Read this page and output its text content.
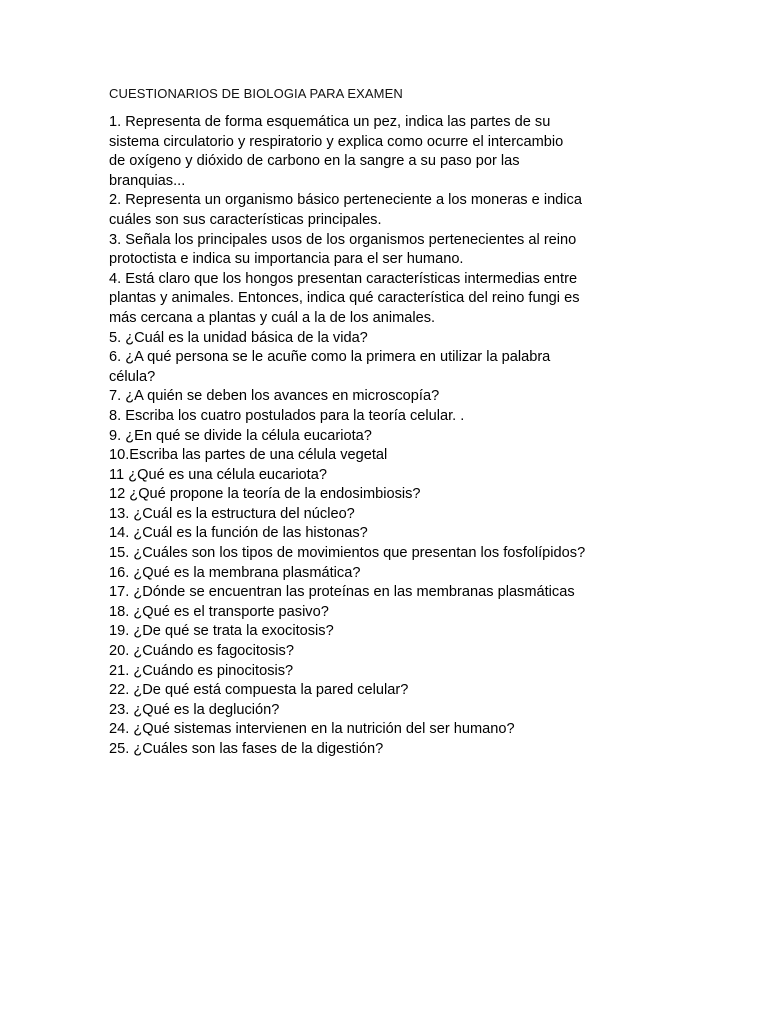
CUESTIONARIOS DE BIOLOGIA PARA EXAMEN
1. Representa de forma esquemática un pez, indica las partes de su
sistema circulatorio y respiratorio y explica como ocurre el intercambio
de oxígeno y dióxido de carbono en la sangre a su paso por las
branquias...
2. Representa un organismo básico perteneciente a los moneras e indica
cuáles son sus características principales.
3. Señala los principales usos de los organismos pertenecientes al reino
protoctista e indica su importancia para el ser humano.
4. Está claro que los hongos presentan características intermedias entre
plantas y animales. Entonces, indica qué característica del reino fungi es
más cercana a plantas y cuál a la de los animales.
5. ¿Cuál es la unidad básica de la vida?
6. ¿A qué persona se le acuñe como la primera en utilizar la palabra
célula?
7. ¿A quién se deben los avances en microscopía?
8. Escriba los cuatro postulados para la teoría celular. .
9. ¿En qué se divide la célula eucariota?
10.Escriba las partes de una célula vegetal
11 ¿Qué es una célula eucariota?
12 ¿Qué propone la teoría de la endosimbiosis?
13. ¿Cuál es la estructura del núcleo?
14. ¿Cuál es la función de las histonas?
15. ¿Cuáles son los tipos de movimientos que presentan los fosfolípidos?
16. ¿Qué es la membrana plasmática?
17. ¿Dónde se encuentran las proteínas en las membranas plasmáticas
18. ¿Qué es el transporte pasivo?
19. ¿De qué se trata la exocitosis?
20. ¿Cuándo es fagocitosis?
21. ¿Cuándo es pinocitosis?
22. ¿De qué está compuesta la pared celular?
23. ¿Qué es la deglución?
24. ¿Qué sistemas intervienen en la nutrición del ser humano?
25. ¿Cuáles son las fases de la digestión?
